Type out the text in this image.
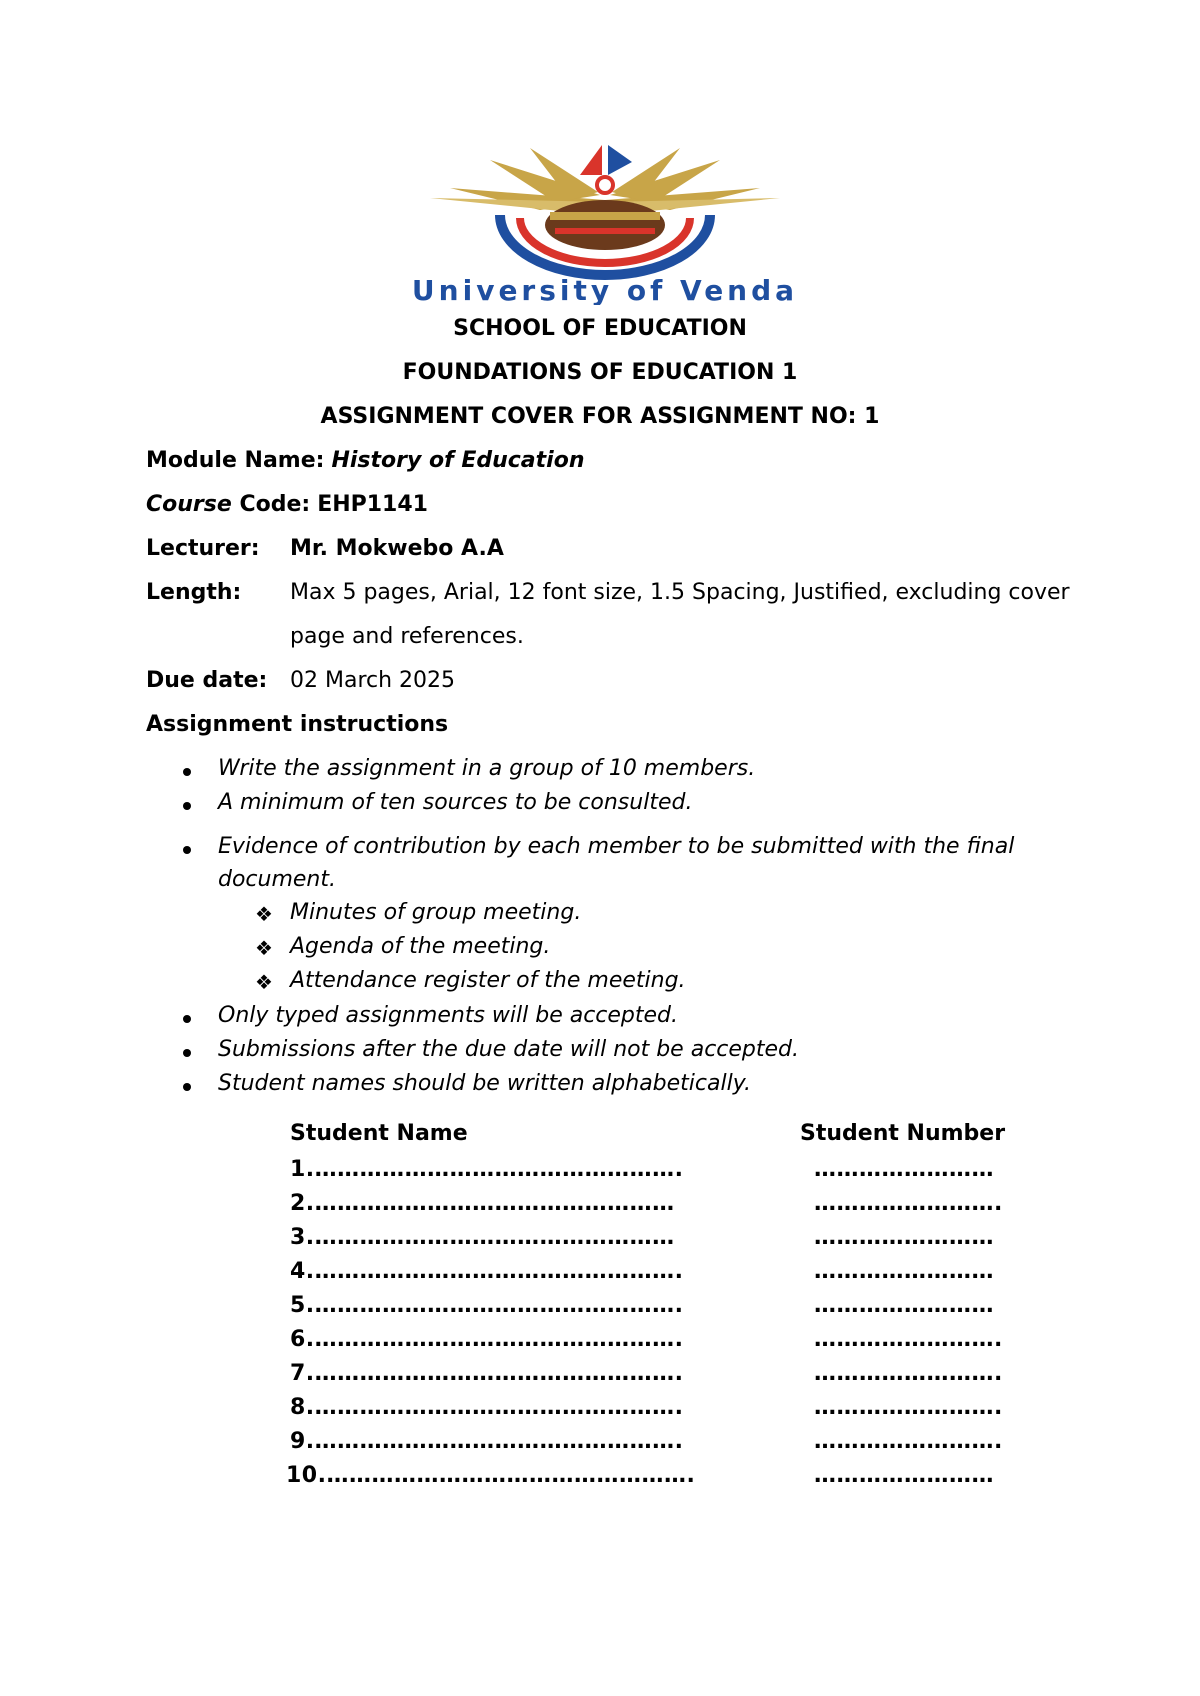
University of Venda
SCHOOL OF EDUCATION
FOUNDATIONS OF EDUCATION 1
ASSIGNMENT COVER FOR ASSIGNMENT NO: 1
Module Name: History of Education
Course Code: EHP1141
Lecturer: Mr. Mokwebo A.A
Length: Max 5 pages, Arial, 12 font size, 1.5 Spacing, Justified, excluding cover
page and references.
Due date: 02 March 2025
Assignment instructions
Write the assignment in a group of 10 members.
A minimum of ten sources to be consulted.
Evidence of contribution by each member to be submitted with the final
document.
❖ Minutes of group meeting.
❖ Agenda of the meeting.
❖ Attendance register of the meeting.
Only typed assignments will be accepted.
Submissions after the due date will not be accepted.
Student names should be written alphabetically.
Student Name	Student Number
1.………………………………………….	……………………
2.…………………………………………	…………………….
3.…………………………………………	……………………
4.………………………………………….	……………………
5.………………………………………….	……………………
6.………………………………………….	…………………….
7.………………………………………….	…………………….
8.………………………………………….	…………………….
9.………………………………………….	…………………….
10.………………………………………….	……………………
